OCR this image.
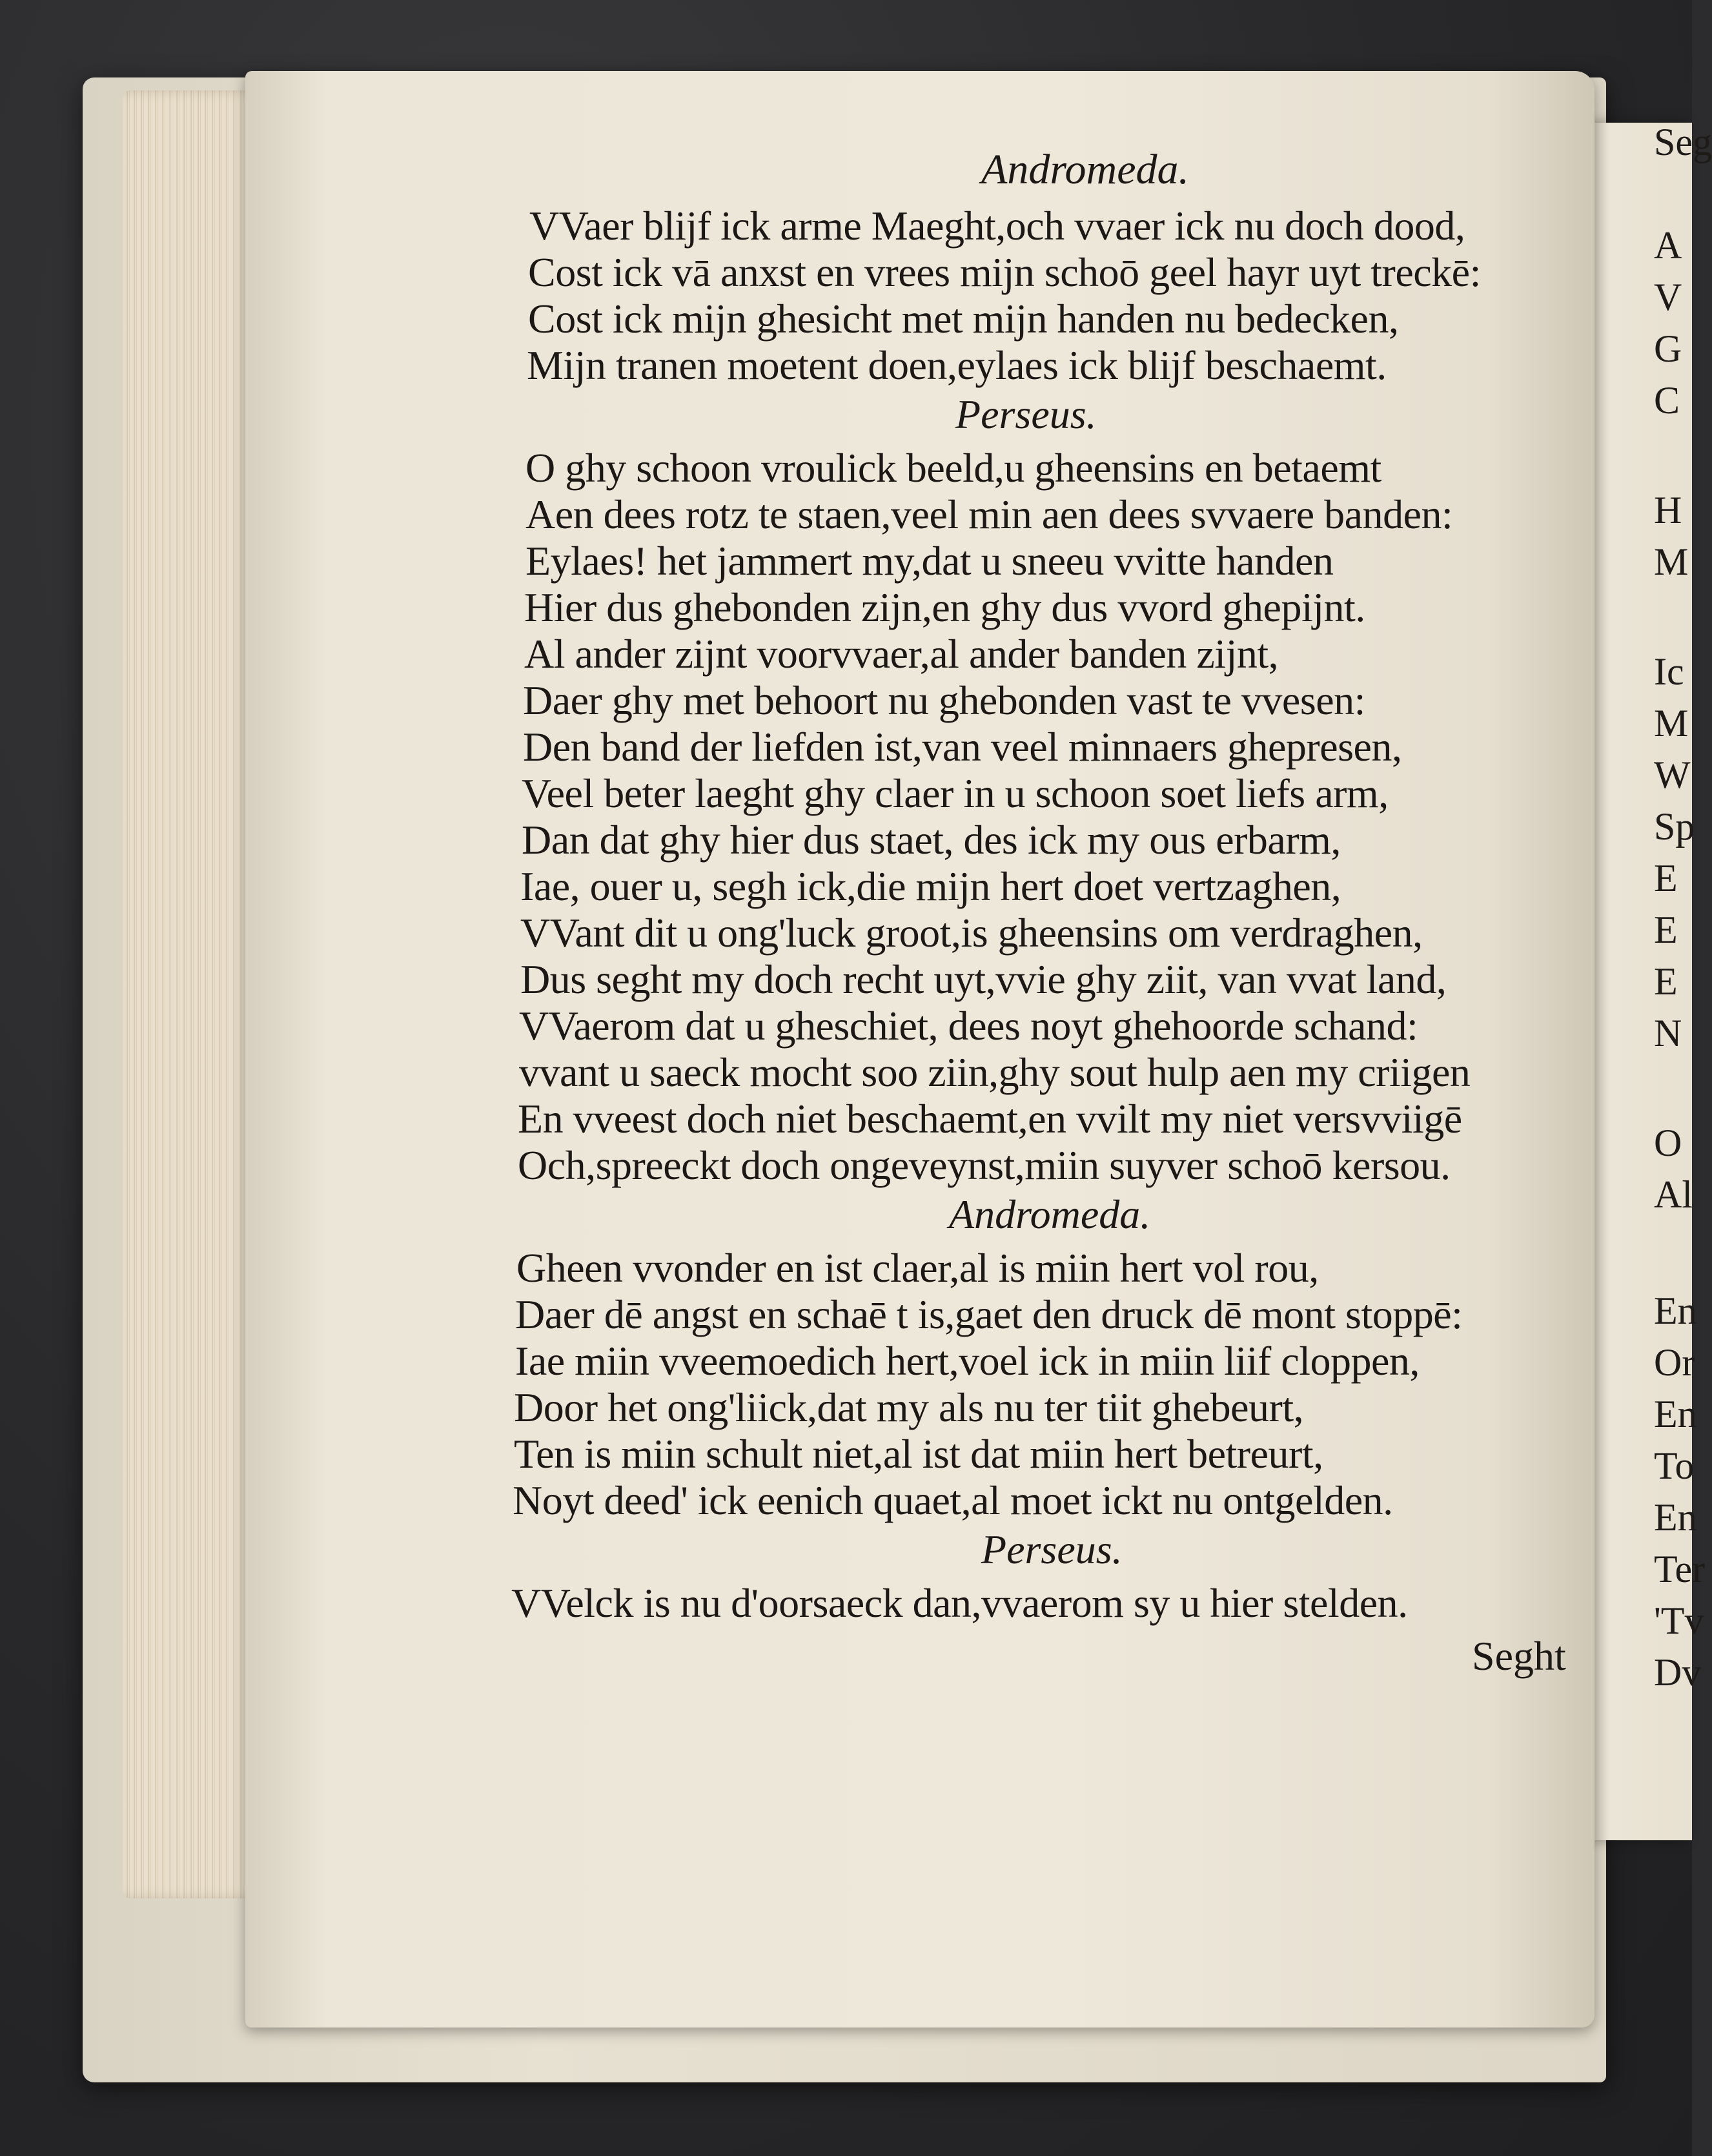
Seg
A
V
G
C
H
M
Ic
M
W
Sp
E
E
E
N
O
Al
En
Or
En
To
En
Ter
'Tv
Dv
Andromeda.
VVaer blijf ick arme Maeght,och vvaer ick nu doch dood,
Cost ick vā anxst en vrees mijn schoō geel hayr uyt treckē:
Cost ick mijn ghesicht met mijn handen nu bedecken,
Mijn tranen moetent doen,eylaes ick blijf beschaemt.
Perseus.
O ghy schoon vroulick beeld,u gheensins en betaemt
Aen dees rotz te staen,veel min aen dees svvaere banden:
Eylaes! het jammert my,dat u sneeu vvitte handen
Hier dus ghebonden zijn,en ghy dus vvord ghepijnt.
Al ander zijnt voorvvaer,al ander banden zijnt,
Daer ghy met behoort nu ghebonden vast te vvesen:
Den band der liefden ist,van veel minnaers ghepresen,
Veel beter laeght ghy claer in u schoon soet liefs arm,
Dan dat ghy hier dus staet, des ick my ous erbarm,
Iae, ouer u, segh ick,die mijn hert doet vertzaghen,
VVant dit u ong'luck groot,is gheensins om verdraghen,
Dus seght my doch recht uyt,vvie ghy ziit, van vvat land,
VVaerom dat u gheschiet, dees noyt ghehoorde schand:
vvant u saeck mocht soo ziin,ghy sout hulp aen my criigen
En vveest doch niet beschaemt,en vvilt my niet versvviigē
Och,spreeckt doch ongeveynst,miin suyver schoō kersou.
Andromeda.
Gheen vvonder en ist claer,al is miin hert vol rou,
Daer dē angst en schaē t is,gaet den druck dē mont stoppē:
Iae miin vveemoedich hert,voel ick in miin liif cloppen,
Door het ong'liick,dat my als nu ter tiit ghebeurt,
Ten is miin schult niet,al ist dat miin hert betreurt,
Noyt deed' ick eenich quaet,al moet ickt nu ontgelden.
Perseus.
VVelck is nu d'oorsaeck dan,vvaerom sy u hier stelden.
Seght
